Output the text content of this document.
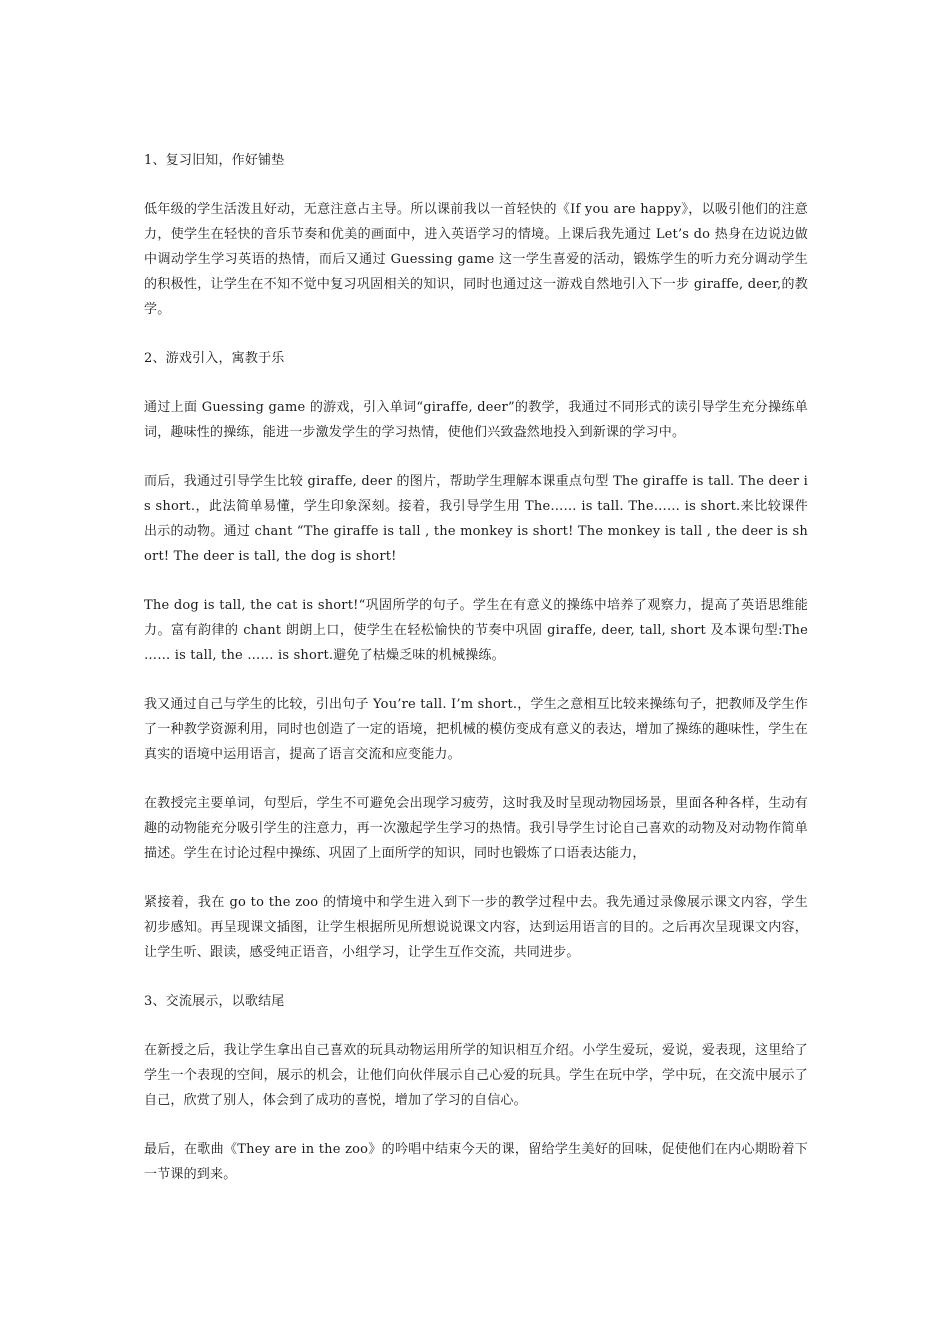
1、复习旧知，作好铺垫

低年级的学生活泼且好动，无意注意占主导。所以课前我以一首轻快的《If you are happy》，以吸引他们的注意力，使学生在轻快的音乐节奏和优美的画面中，进入英语学习的情境。上课后我先通过 Let’s do 热身在边说边做中调动学生学习英语的热情，而后又通过 Guessing game 这一学生喜爱的活动，锻炼学生的听力充分调动学生的积极性，让学生在不知不觉中复习巩固相关的知识，同时也通过这一游戏自然地引入下一步 giraffe, deer,的教学。

2、游戏引入，寓教于乐

通过上面 Guessing game 的游戏，引入单词“giraffe, deer”的教学，我通过不同形式的读引导学生充分操练单词，趣味性的操练，能进一步激发学生的学习热情，使他们兴致盎然地投入到新课的学习中。

而后，我通过引导学生比较 giraffe, deer 的图片，帮助学生理解本课重点句型 The giraffe is tall. The deer is short.，此法简单易懂，学生印象深刻。接着，我引导学生用 The…… is tall. The…… is short.来比较课件出示的动物。通过 chant “The giraffe is tall , the monkey is short! The monkey is tall , the deer is short! The deer is tall, the dog is short!

The dog is tall, the cat is short!“巩固所学的句子。学生在有意义的操练中培养了观察力，提高了英语思维能力。富有韵律的 chant 朗朗上口，使学生在轻松愉快的节奏中巩固 giraffe, deer, tall, short 及本课句型:The …… is tall, the …… is short.避免了枯燥乏味的机械操练。

我又通过自己与学生的比较，引出句子 You’re tall. I’m short.，学生之意相互比较来操练句子，把教师及学生作了一种教学资源利用，同时也创造了一定的语境，把机械的模仿变成有意义的表达，增加了操练的趣味性，学生在真实的语境中运用语言，提高了语言交流和应变能力。

在教授完主要单词，句型后，学生不可避免会出现学习疲劳，这时我及时呈现动物园场景，里面各种各样，生动有趣的动物能充分吸引学生的注意力，再一次激起学生学习的热情。我引导学生讨论自己喜欢的动物及对动物作简单描述。学生在讨论过程中操练、巩固了上面所学的知识，同时也锻炼了口语表达能力，

紧接着，我在 go to the zoo 的情境中和学生进入到下一步的教学过程中去。我先通过录像展示课文内容，学生初步感知。再呈现课文插图，让学生根据所见所想说说课文内容，达到运用语言的目的。之后再次呈现课文内容，让学生听、跟读，感受纯正语音，小组学习，让学生互作交流，共同进步。

3、交流展示，以歌结尾

在新授之后，我让学生拿出自己喜欢的玩具动物运用所学的知识相互介绍。小学生爱玩，爱说，爱表现，这里给了学生一个表现的空间，展示的机会，让他们向伙伴展示自己心爱的玩具。学生在玩中学，学中玩，在交流中展示了自己，欣赏了别人，体会到了成功的喜悦，增加了学习的自信心。

最后，在歌曲《They are in the zoo》的吟唱中结束今天的课，留给学生美好的回味，促使他们在内心期盼着下一节课的到来。
